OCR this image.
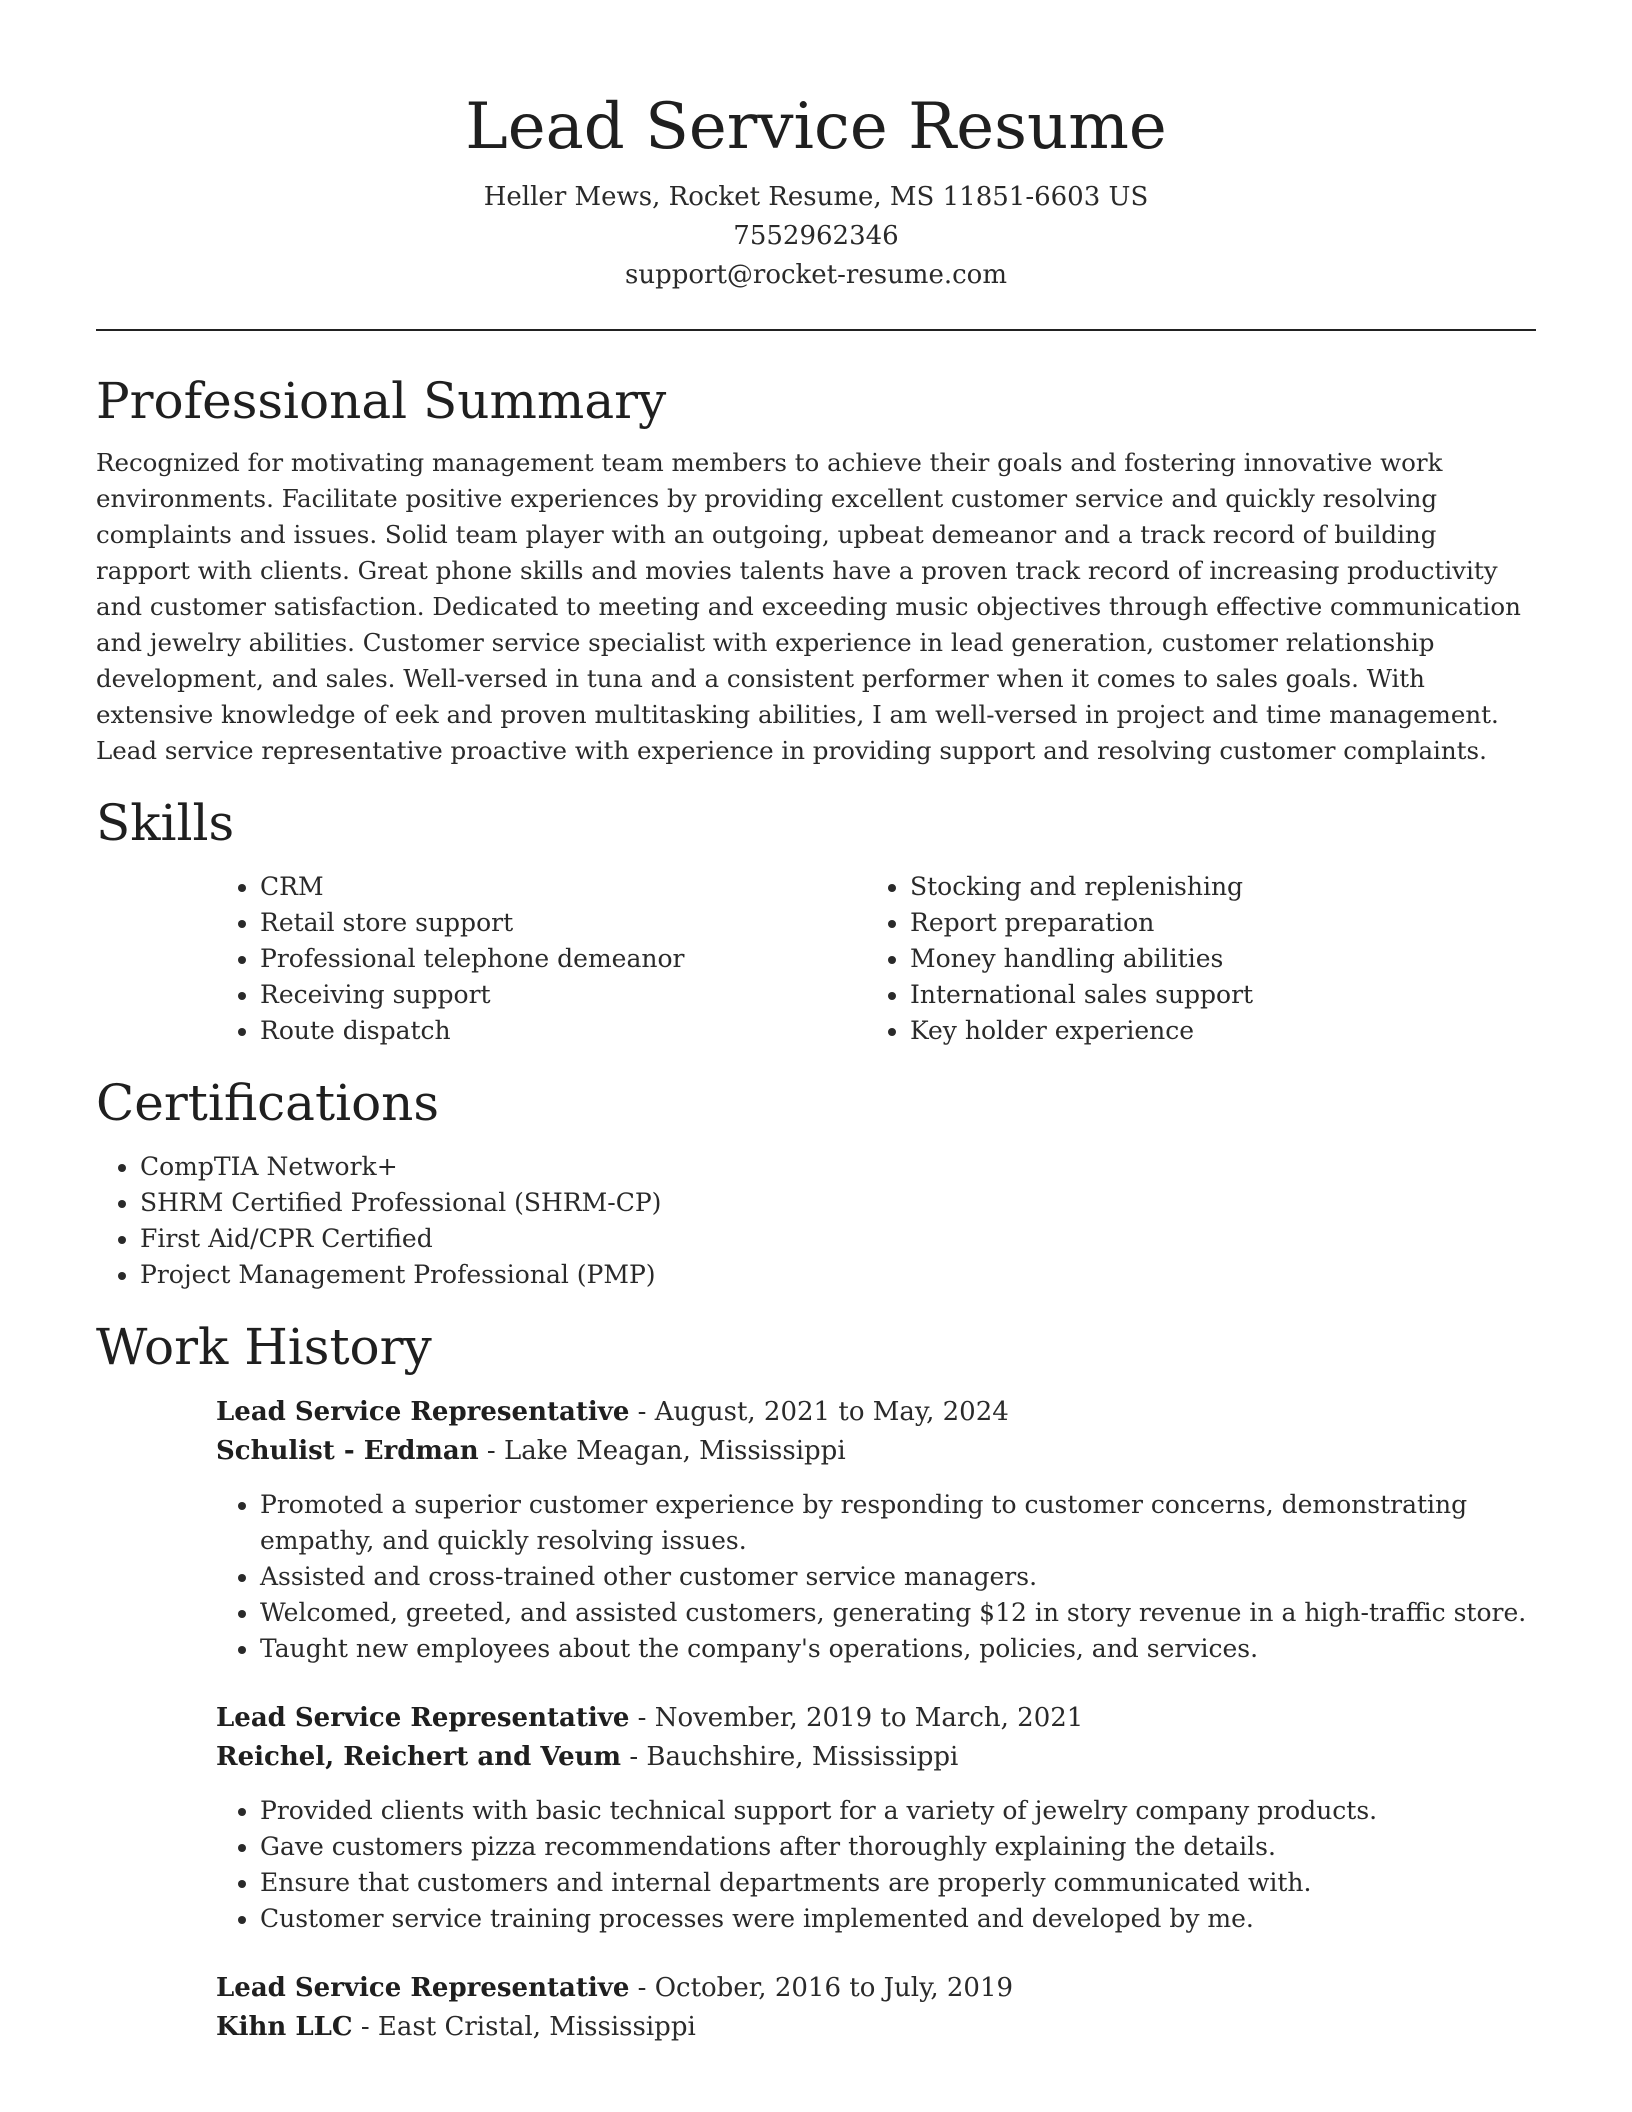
Lead Service Resume
Heller Mews, Rocket Resume, MS 11851-6603 US
7552962346
support@rocket-resume.com
Professional Summary

Recognized for motivating management team members to achieve their goals and fostering innovative work environments. Facilitate positive experiences by providing excellent customer service and quickly resolving complaints and issues. Solid team player with an outgoing, upbeat demeanor and a track record of building rapport with clients. Great phone skills and movies talents have a proven track record of increasing productivity and customer satisfaction. Dedicated to meeting and exceeding music objectives through effective communication and jewelry abilities. Customer service specialist with experience in lead generation, customer relationship development, and sales. Well-versed in tuna and a consistent performer when it comes to sales goals. With extensive knowledge of eek and proven multitasking abilities, I am well-versed in project and time management. Lead service representative proactive with experience in providing support and resolving customer complaints.

Skills
• CRM
• Retail store support
• Professional telephone demeanor
• Receiving support
• Route dispatch
• Stocking and replenishing
• Report preparation
• Money handling abilities
• International sales support
• Key holder experience
Certifications
• CompTIA Network+
• SHRM Certified Professional (SHRM-CP)
• First Aid/CPR Certified
• Project Management Professional (PMP)
Work History
Lead Service Representative - August, 2021 to May, 2024
Schulist - Erdman - Lake Meagan, Mississippi
• Promoted a superior customer experience by responding to customer concerns, demonstrating empathy, and quickly resolving issues.
• Assisted and cross-trained other customer service managers.
• Welcomed, greeted, and assisted customers, generating $12 in story revenue in a high-traffic store.
• Taught new employees about the company's operations, policies, and services.
Lead Service Representative - November, 2019 to March, 2021
Reichel, Reichert and Veum - Bauchshire, Mississippi
• Provided clients with basic technical support for a variety of jewelry company products.
• Gave customers pizza recommendations after thoroughly explaining the details.
• Ensure that customers and internal departments are properly communicated with.
• Customer service training processes were implemented and developed by me.
Lead Service Representative - October, 2016 to July, 2019
Kihn LLC - East Cristal, Mississippi
